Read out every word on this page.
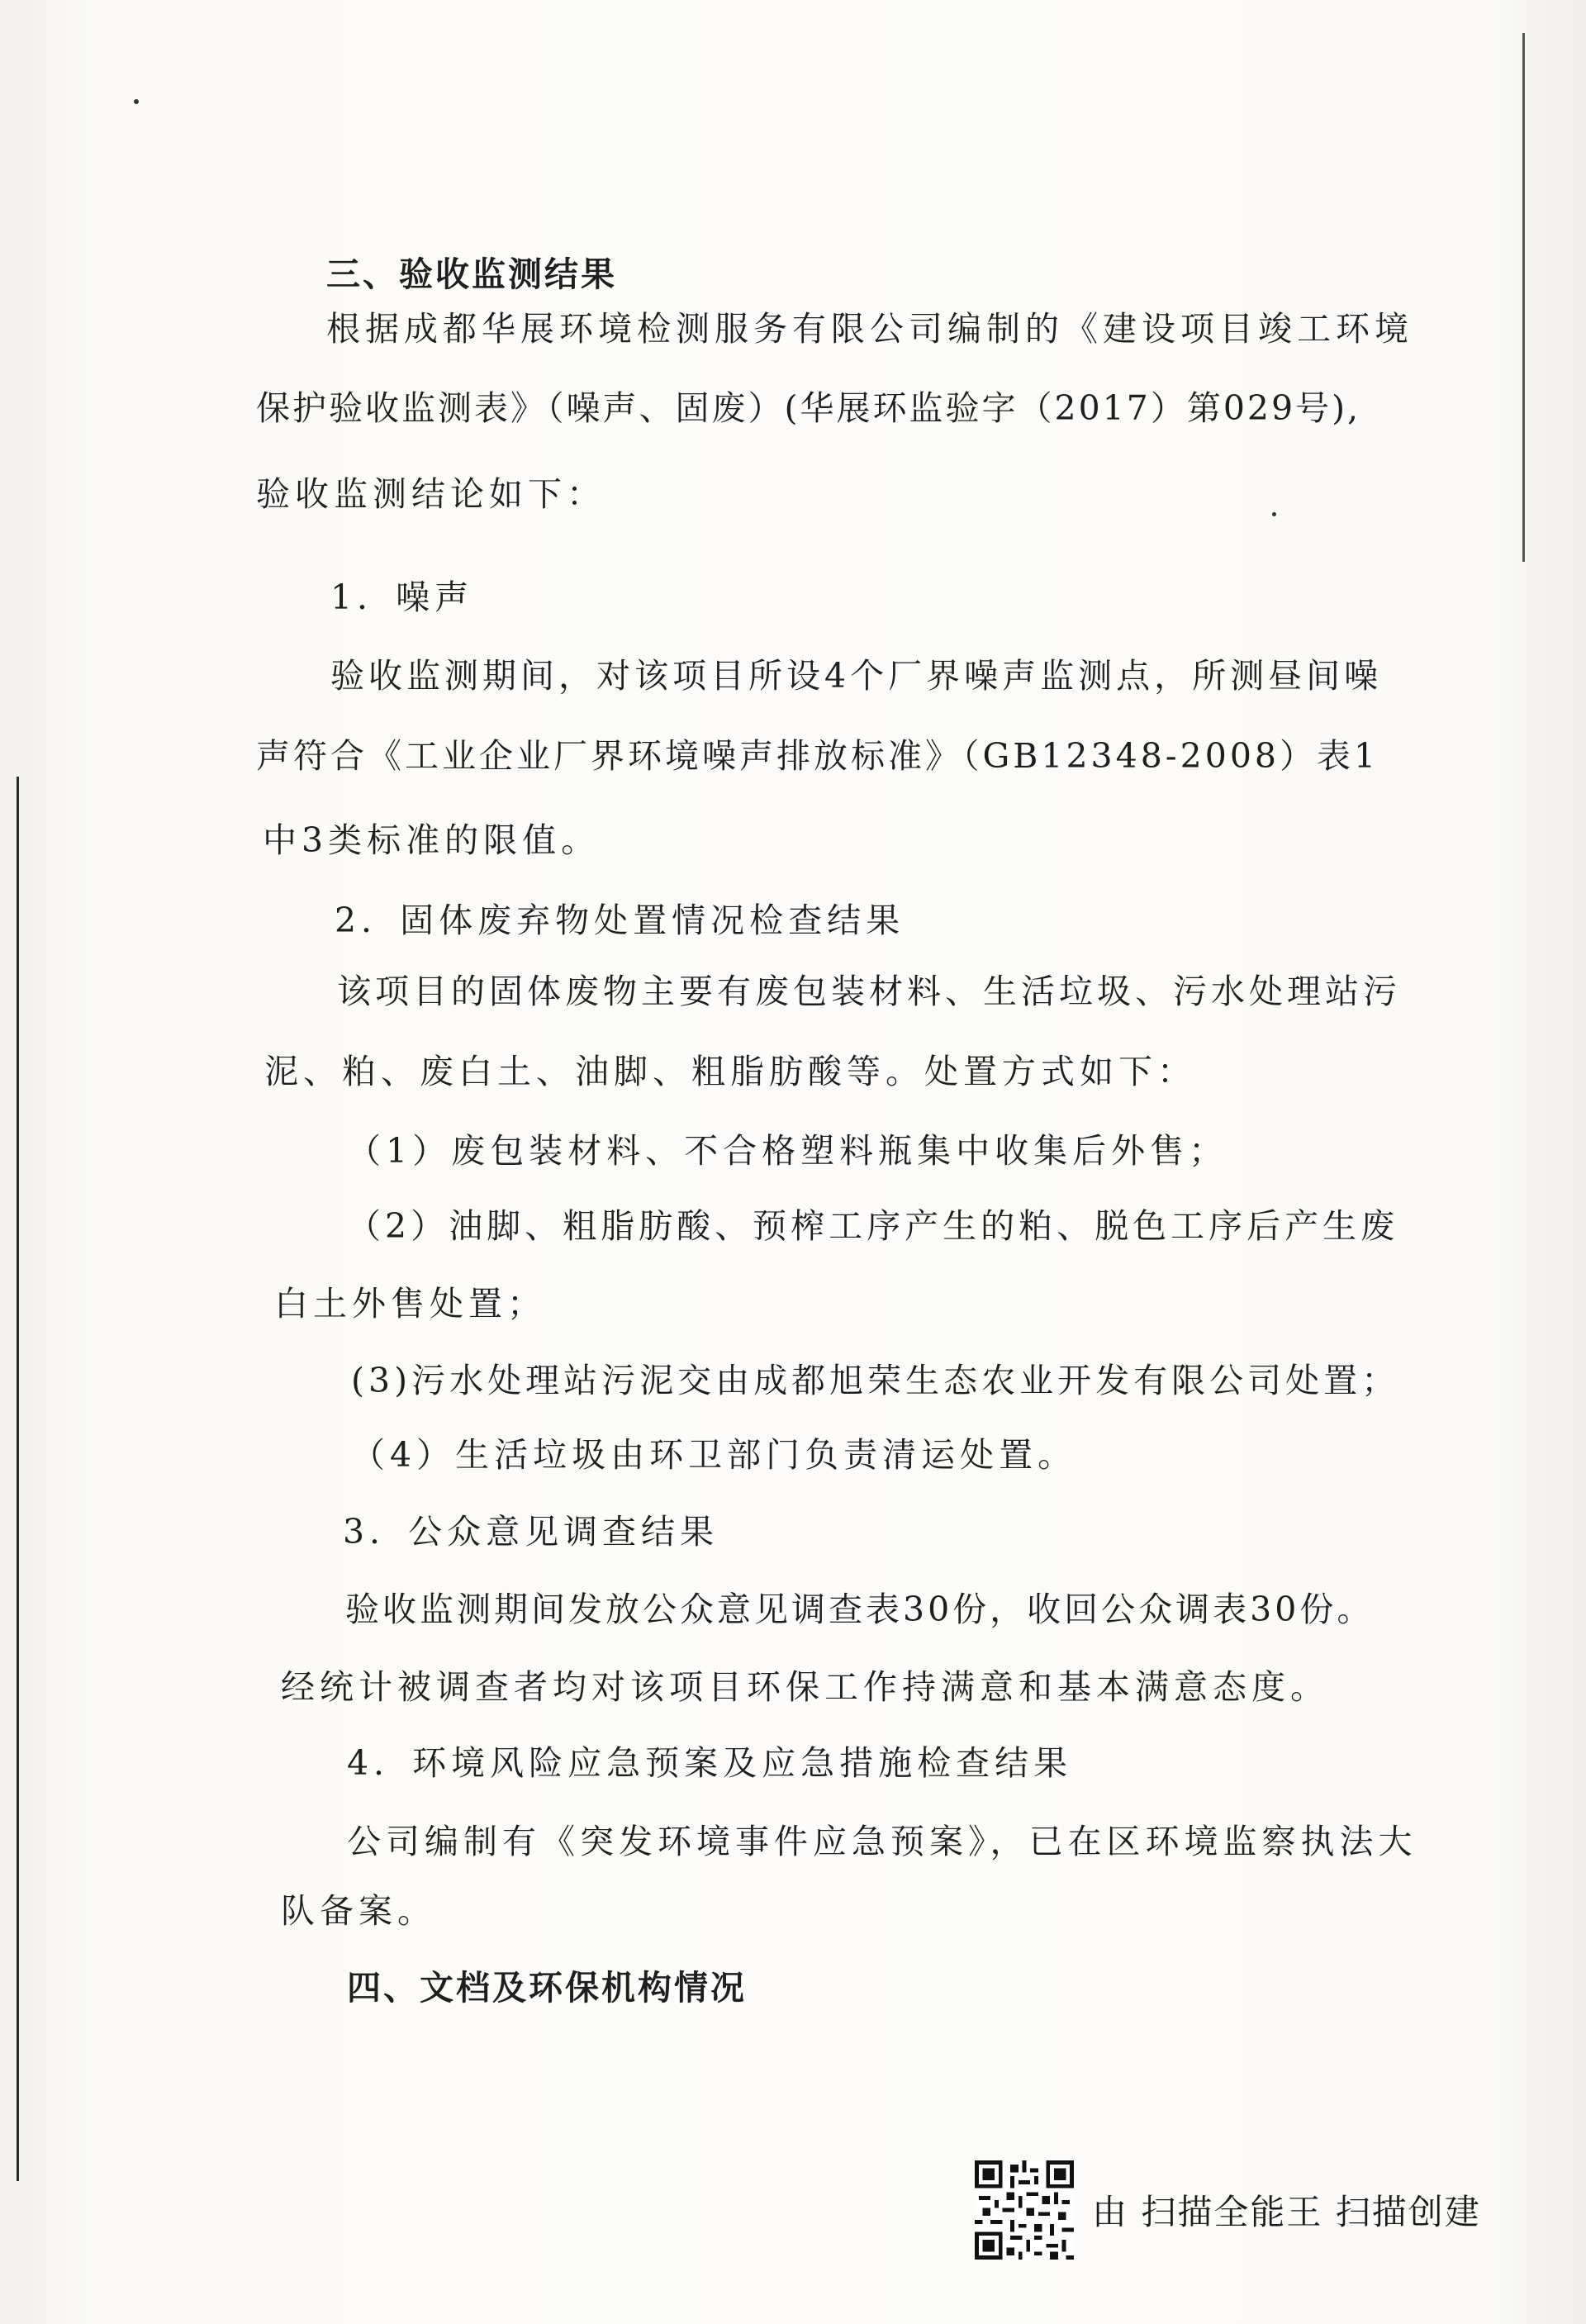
三、验收监测结果
根据成都华展环境检测服务有限公司编制的《建设项目竣工环境
保护验收监测表》（噪声、固废）(华展环监验字（2017）第029号),
验收监测结论如下：
1．噪声
验收监测期间，对该项目所设4个厂界噪声监测点，所测昼间噪
声符合《工业企业厂界环境噪声排放标准》（GB12348-2008）表1
中3类标准的限值。
2．固体废弃物处置情况检查结果
该项目的固体废物主要有废包装材料、生活垃圾、污水处理站污
泥、粕、废白土、油脚、粗脂肪酸等。处置方式如下：
（1）废包装材料、不合格塑料瓶集中收集后外售；
（2）油脚、粗脂肪酸、预榨工序产生的粕、脱色工序后产生废
白土外售处置；
(3)污水处理站污泥交由成都旭荣生态农业开发有限公司处置；
（4）生活垃圾由环卫部门负责清运处置。
3．公众意见调查结果
验收监测期间发放公众意见调查表30份，收回公众调表30份。
经统计被调查者均对该项目环保工作持满意和基本满意态度。
4．环境风险应急预案及应急措施检查结果
公司编制有《突发环境事件应急预案》，已在区环境监察执法大
队备案。
四、文档及环保机构情况
由 扫描全能王 扫描创建
